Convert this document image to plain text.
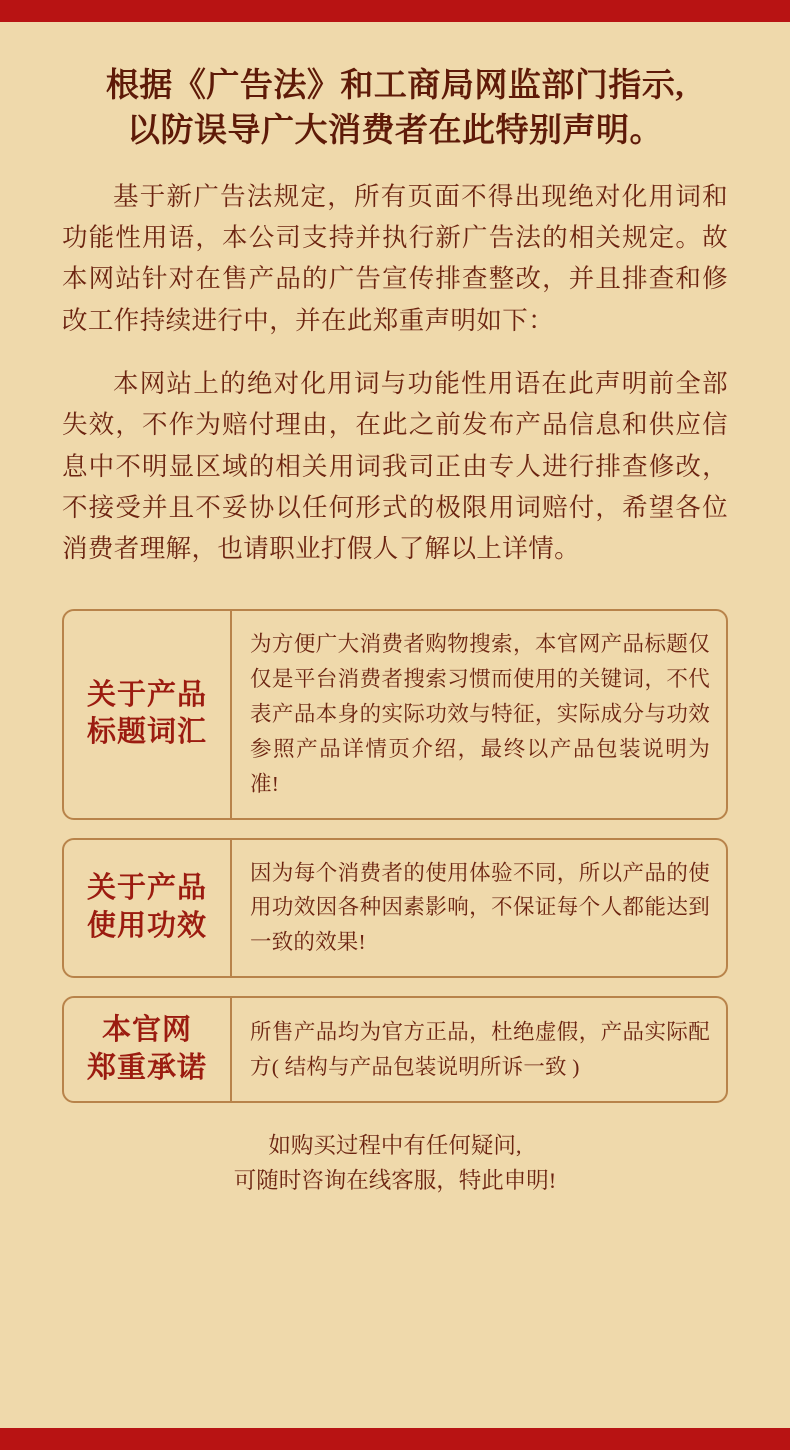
根据《广告法》和工商局网监部门指示,
以防误导广大消费者在此特别声明。

基于新广告法规定，所有页面不得出现绝对化用词和功能性用语，本公司支持并执行新广告法的相关规定。故本网站针对在售产品的广告宣传排查整改，并且排查和修改工作持续进行中，并在此郑重声明如下：

本网站上的绝对化用词与功能性用语在此声明前全部失效，不作为赔付理由，在此之前发布产品信息和供应信息中不明显区域的相关用词我司正由专人进行排查修改，不接受并且不妥协以任何形式的极限用词赔付，希望各位消费者理解，也请职业打假人了解以上详情。

关于产品
标题词汇
为方便广大消费者购物搜索，本官网产品标题仅仅是平台消费者搜索习惯而使用的关键词，不代表产品本身的实际功效与特征，实际成分与功效参照产品详情页介绍，最终以产品包装说明为准!
关于产品
使用功效
因为每个消费者的使用体验不同，所以产品的使用功效因各种因素影响，不保证每个人都能达到一致的效果!
本官网
郑重承诺
所售产品均为官方正品，杜绝虚假，产品实际配方( 结构与产品包装说明所诉一致 )
如购买过程中有任何疑问,
可随时咨询在线客服，特此申明!
